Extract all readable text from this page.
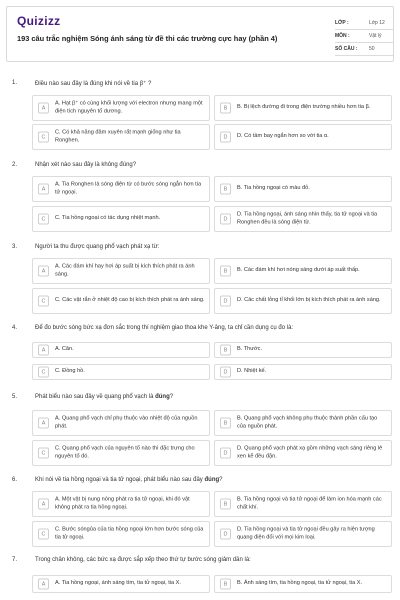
Quizizz
193 câu trắc nghiệm Sóng ánh sáng từ đề thi các trường cực hay (phần 4)
LỚP :	Lớp 12
MÔN :	Vật lý
SỐ CÂU : 50
1.	Điều nào sau đây là đúng khi nói về tia β⁺ ?
A
A. Hạt β⁺ có cùng khối lượng với electron nhưng mang một điện tích nguyên tố dương.	B	B. Bị lệch đường đi trong điện trường nhiều hơn tia β.
C
C. Có khả năng đâm xuyên rất mạnh giống như tia Ronghen.	D	D. Có tầm bay ngắn hơn so với tia α.
2.	Nhận xét nào sau đây là không đúng?
A
A. Tia Ronghen là sóng điện từ có bước sóng ngắn hơn tia tử ngoại.	B	B. Tia hồng ngoại có màu đỏ.
C	C. Tia hồng ngoại có tác dụng nhiệt mạnh.	D
D. Tia hồng ngoại, ánh sáng nhìn thấy, tia tử ngoại và tia Ronghen đều là sóng điện từ.
3.	Người ta thu được quang phổ vạch phát xạ từ:
A
A. Các đám khí hay hơi áp suất bị kích thích phát ra ánh sáng.	B	B. Các đám khí hơi nóng sáng dưới áp suất thấp.
C	C. Các vật rắn ở nhiệt độ cao bị kích thích phát ra ánh sáng.	D	D. Các chất lỏng tỉ khối lớn bị kích thích phát ra ánh sáng.
4.	Để đo bước sóng bức xạ đơn sắc trong thí nghiệm giao thoa khe Y-âng, ta chỉ cần dụng cụ đo là:
A	A. Cân.	B	B. Thước.
C	C. Đồng hồ.	D	D. Nhiệt kế.
5.	Phát biểu nào sau đây về quang phổ vạch là đúng?
A
A. Quang phổ vạch chỉ phụ thuộc vào nhiệt độ của nguồn phát.	B
B. Quang phổ vạch không phụ thuộc thành phần cấu tạo của nguồn phát.
C
C. Quang phổ vạch của nguyên tố nào thì đặc trưng cho nguyên tố đó.	D
D. Quang phổ vạch phát xạ gồm những vạch sáng riêng lẻ xen kẽ đều đặn.
6.	Khi nói về tia hồng ngoại và tia tử ngoại, phát biểu nào sau đây đúng?
A
A. Một vật bị nung nóng phát ra tia tử ngoại, khi đó vật không phát ra tia hồng ngoại.	B
B. Tia hồng ngoại và tia tử ngoại để làm ion hóa mạnh các chất khí.
C
C. Bước sóngủa của tia hồng ngoại lớn hơn bước sóng của tia tử ngoại.	D
D. Tia hồng ngoại và tia tử ngoại đều gây ra hiện tượng quang điện đối với mọi kim loại.
7.	Trong chân không, các bức xạ được sắp xếp theo thứ tự bước sóng giảm dần là:
A	A. Tia hồng ngoại, ánh sáng tím, tia tử ngoại, tia X.	B	B. Ánh sáng tím, tia hồng ngoại, tia tử ngoại, tia X.
